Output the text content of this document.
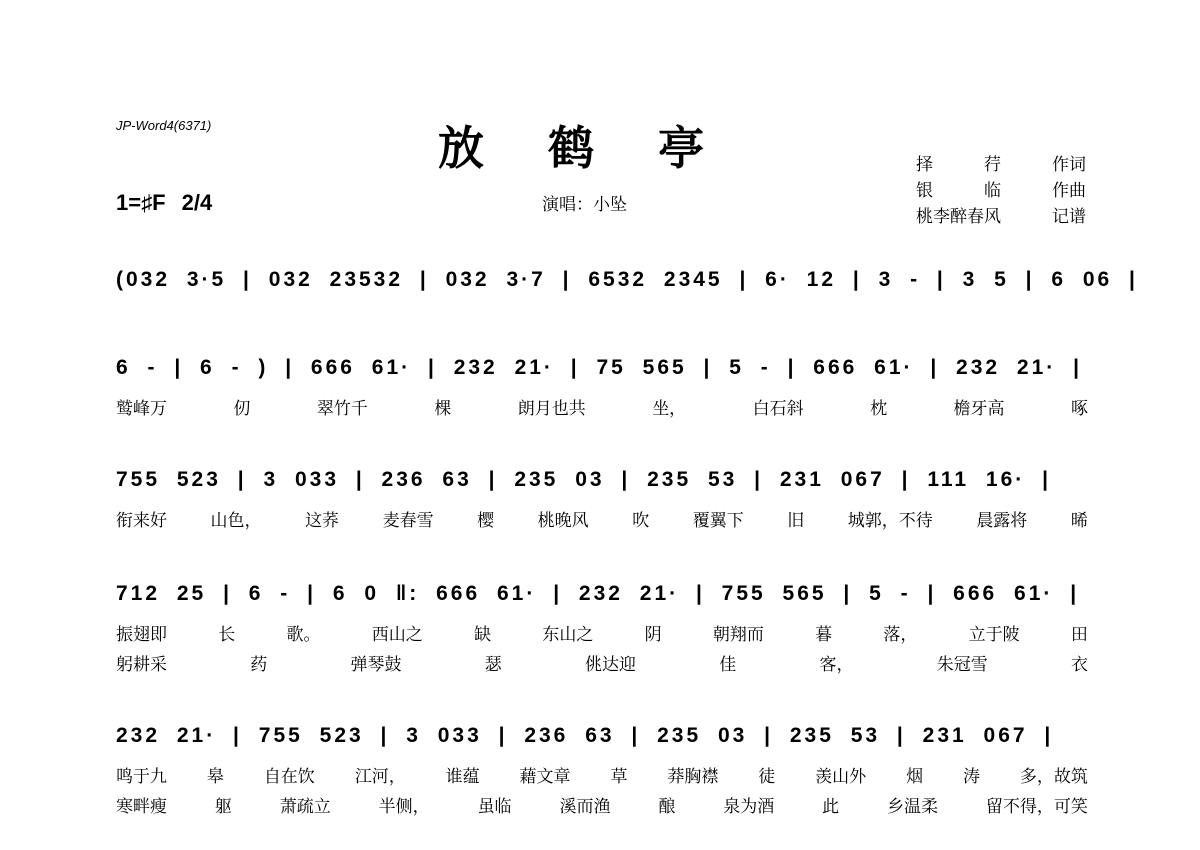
JP-Word4(6371)	放鹤亭
1=♯F 2/4	演唱：小坠
择　　　荇	作词
银　　　临	作曲
桃李醉春风	记谱
(032 3·5 | 032 23532 | 032 3·7 | 6532 2345 | 6· 12 | 3 - | 3 5 | 6 06 |
6 - | 6 - ) | 666 61· | 232 21· | 75 565 | 5 - | 666 61· | 232 21· |
鹫峰万	仞	翠竹千	棵	朗月也共	坐，	白石斜	枕	檐牙高	啄
755 523 | 3 033 | 236 63 | 235 03 | 235 53 | 231 067 | 111 16· |
衔来好	山色，	这荞	麦春雪	樱	桃晚风	吹	覆翼下	旧	城郭，不待	晨露将	晞
712 25 | 6 - | 6 0 ‖: 666 61· | 232 21· | 755 565 | 5 - | 666 61· |
振翅即	长	歌。	西山之	缺	东山之	阴	朝翔而	暮	落，	立于陂	田
躬耕采	药	弹琴鼓	瑟	佻达迎	佳	客，	朱冠雪	衣
232 21· | 755 523 | 3 033 | 236 63 | 235 03 | 235 53 | 231 067 |
鸣于九 皋 自在饮 江河， 谁蕴 藉文章 草 莽胸襟 徒 羡山外 烟 涛 多，故筑
寒畔瘦	躯	萧疏立	半侧，	虽临	溪而渔	酿	泉为酒	此	乡温柔	留不得，可笑
